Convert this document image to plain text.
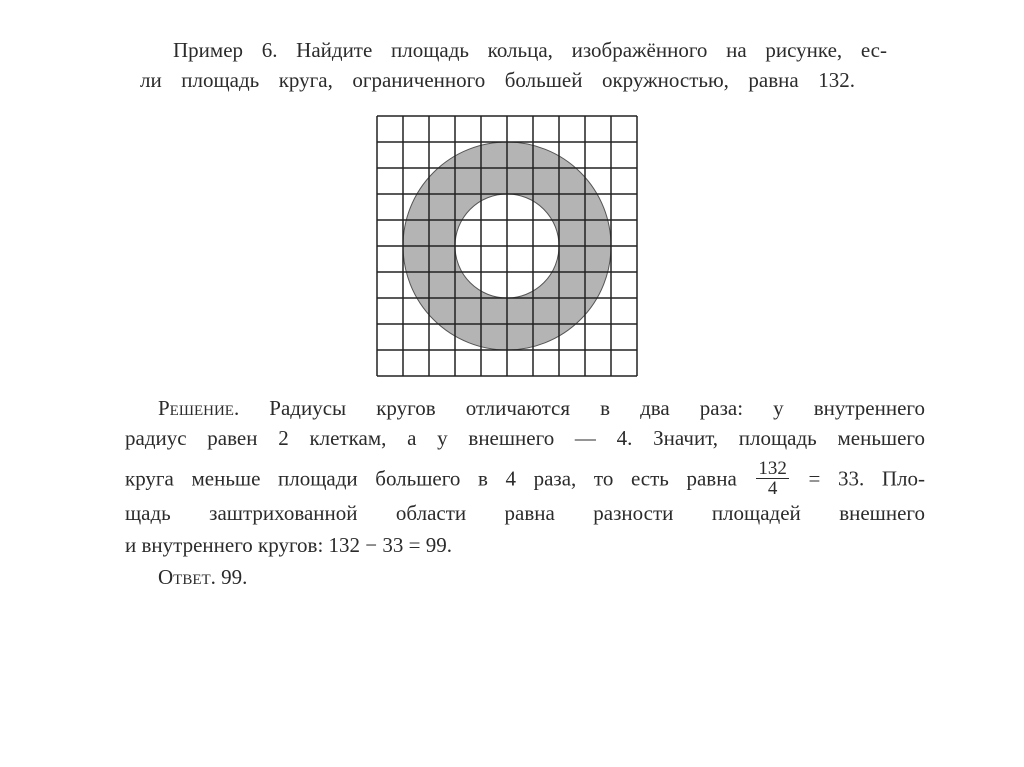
Пример 6. Найдите площадь кольца, изображённого на рисунке, ес-
ли площадь круга, ограниченного большей окружностью, равна 132.
Решение. Радиусы кругов отличаются в два раза: у внутреннего
радиус равен 2 клеткам, а у внешнего — 4. Значит, площадь меньшего
круга меньше площади большего в 4 раза, то есть равна $\frac{132}{4} = 33$. Пло-
щадь заштрихованной области равна разности площадей внешнего
и внутреннего кругов: 132 − 33 = 99.
Ответ. 99.
